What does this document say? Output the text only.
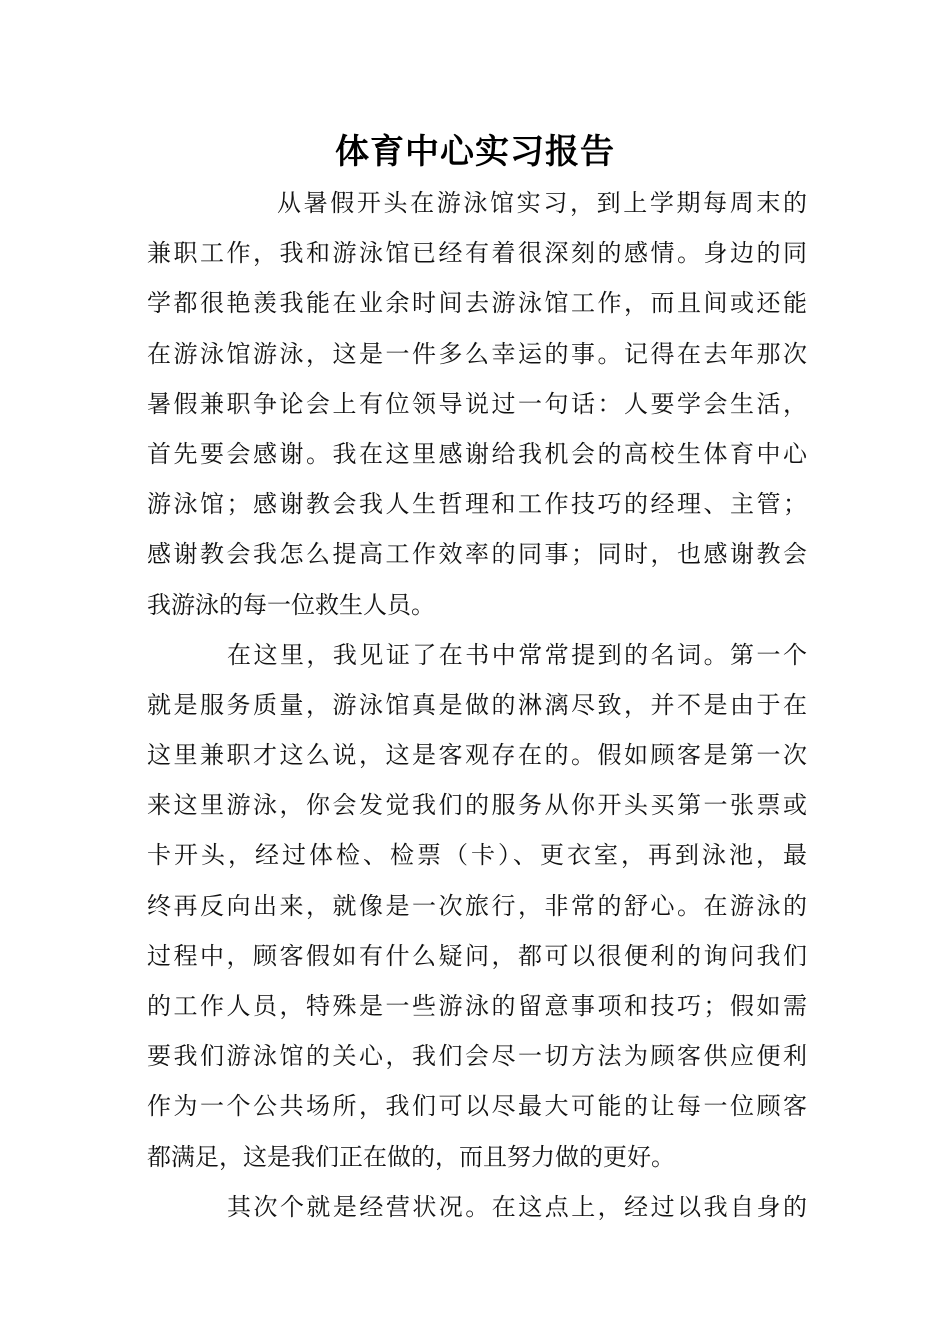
体育中心实习报告
从暑假开头在游泳馆实习，到上学期每周末的
兼职工作，我和游泳馆已经有着很深刻的感情。身边的同
学都很艳羡我能在业余时间去游泳馆工作，而且间或还能
在游泳馆游泳，这是一件多么幸运的事。记得在去年那次
暑假兼职争论会上有位领导说过一句话：人要学会生活，
首先要会感谢。我在这里感谢给我机会的高校生体育中心
游泳馆；感谢教会我人生哲理和工作技巧的经理、主管；
感谢教会我怎么提高工作效率的同事；同时，也感谢教会
我游泳的每一位救生人员。
在这里，我见证了在书中常常提到的名词。第一个
就是服务质量，游泳馆真是做的淋漓尽致，并不是由于在
这里兼职才这么说，这是客观存在的。假如顾客是第一次
来这里游泳，你会发觉我们的服务从你开头买第一张票或
卡开头，经过体检、检票（卡）、更衣室，再到泳池，最
终再反向出来，就像是一次旅行，非常的舒心。在游泳的
过程中，顾客假如有什么疑问，都可以很便利的询问我们
的工作人员，特殊是一些游泳的留意事项和技巧；假如需
要我们游泳馆的关心，我们会尽一切方法为顾客供应便利
作为一个公共场所，我们可以尽最大可能的让每一位顾客
都满足，这是我们正在做的，而且努力做的更好。
其次个就是经营状况。在这点上，经过以我自身的
